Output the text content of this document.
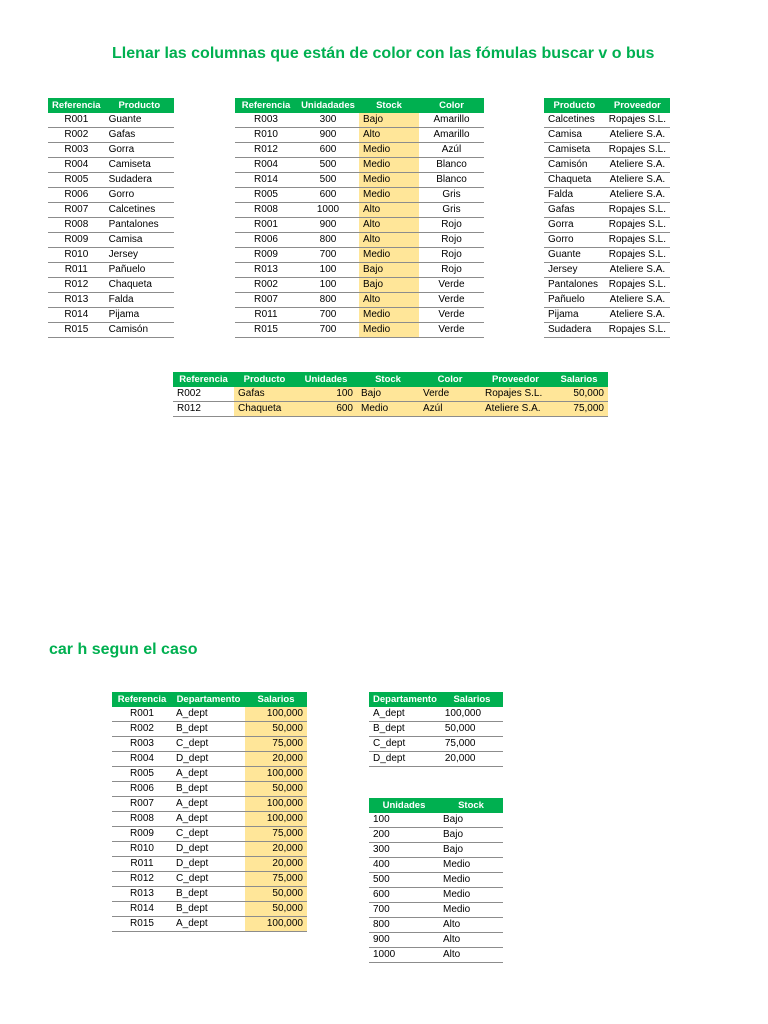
Llenar las columnas que están de color con las fómulas buscar v o bus
Referencia	Producto
R001	Guante
R002	Gafas
R003	Gorra
R004	Camiseta
R005	Sudadera
R006	Gorro
R007	Calcetines
R008	Pantalones
R009	Camisa
R010	Jersey
R011	Pañuelo
R012	Chaqueta
R013	Falda
R014	Pijama
R015	Camisón
Referencia	Unidadades	Stock	Color
R003	300	Bajo	Amarillo
R010	900	Alto	Amarillo
R012	600	Medio	Azúl
R004	500	Medio	Blanco
R014	500	Medio	Blanco
R005	600	Medio	Gris
R008	1000	Alto	Gris
R001	900	Alto	Rojo
R006	800	Alto	Rojo
R009	700	Medio	Rojo
R013	100	Bajo	Rojo
R002	100	Bajo	Verde
R007	800	Alto	Verde
R011	700	Medio	Verde
R015	700	Medio	Verde
Producto	Proveedor
Calcetines	Ropajes S.L.
Camisa	Ateliere S.A.
Camiseta	Ropajes S.L.
Camisón	Ateliere S.A.
Chaqueta	Ateliere S.A.
Falda	Ateliere S.A.
Gafas	Ropajes S.L.
Gorra	Ropajes S.L.
Gorro	Ropajes S.L.
Guante	Ropajes S.L.
Jersey	Ateliere S.A.
Pantalones	Ropajes S.L.
Pañuelo	Ateliere S.A.
Pijama	Ateliere S.A.
Sudadera	Ropajes S.L.
Referencia	Producto	Unidades	Stock	Color	Proveedor	Salarios
R002	Gafas	100	Bajo	Verde	Ropajes S.L.	50,000
R012	Chaqueta	600	Medio	Azúl	Ateliere S.A.	75,000
car h segun el caso
Referencia	Departamento	Salarios
R001	A_dept	100,000
R002	B_dept	50,000
R003	C_dept	75,000
R004	D_dept	20,000
R005	A_dept	100,000
R006	B_dept	50,000
R007	A_dept	100,000
R008	A_dept	100,000
R009	C_dept	75,000
R010	D_dept	20,000
R011	D_dept	20,000
R012	C_dept	75,000
R013	B_dept	50,000
R014	B_dept	50,000
R015	A_dept	100,000
Departamento	Salarios
A_dept	100,000
B_dept	50,000
C_dept	75,000
D_dept	20,000
Unidades	Stock
100	Bajo
200	Bajo
300	Bajo
400	Medio
500	Medio
600	Medio
700	Medio
800	Alto
900	Alto
1000	Alto
